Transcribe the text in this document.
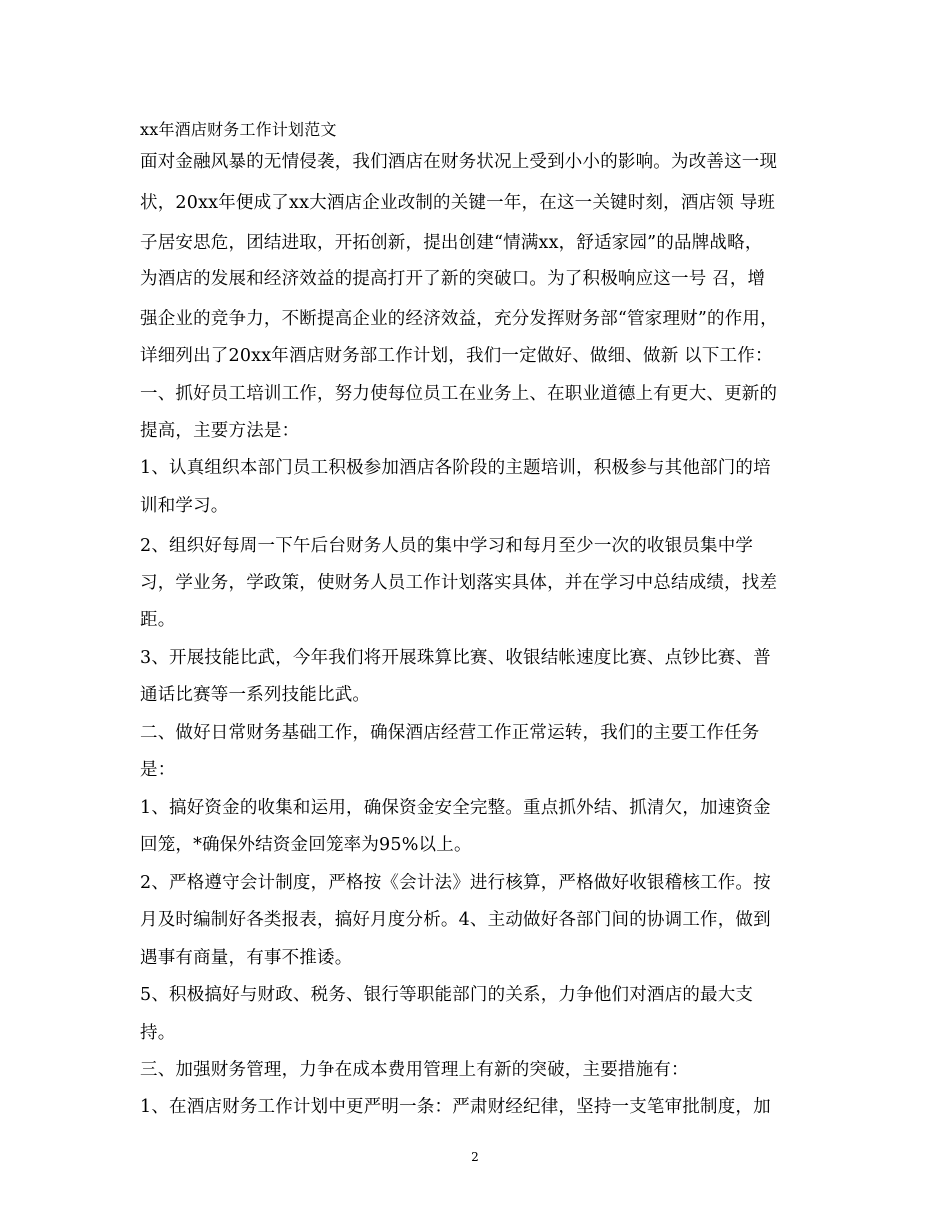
xx年酒店财务工作计划范文
面对金融风暴的无情侵袭，我们酒店在财务状况上受到小小的影响。为改善这一现
状，20xx年便成了xx大酒店企业改制的关键一年，在这一关键时刻，酒店领 导班
子居安思危，团结进取，开拓创新，提出创建“情满xx，舒适家园”的品牌战略，
为酒店的发展和经济效益的提高打开了新的突破口。为了积极响应这一号 召，增
强企业的竞争力，不断提高企业的经济效益，充分发挥财务部“管家理财”的作用，
详细列出了20xx年酒店财务部工作计划，我们一定做好、做细、做新 以下工作：
一、抓好员工培训工作，努力使每位员工在业务上、在职业道德上有更大、更新的
提高，主要方法是：
1、认真组织本部门员工积极参加酒店各阶段的主题培训，积极参与其他部门的培
训和学习。
2、组织好每周一下午后台财务人员的集中学习和每月至少一次的收银员集中学
习，学业务，学政策，使财务人员工作计划落实具体，并在学习中总结成绩，找差
距。
3、开展技能比武，今年我们将开展珠算比赛、收银结帐速度比赛、点钞比赛、普
通话比赛等一系列技能比武。
二、做好日常财务基础工作，确保酒店经营工作正常运转，我们的主要工作任务
是：
1、搞好资金的收集和运用，确保资金安全完整。重点抓外结、抓清欠，加速资金
回笼，*确保外结资金回笼率为95%以上。
2、严格遵守会计制度，严格按《会计法》进行核算，严格做好收银稽核工作。按
月及时编制好各类报表，搞好月度分析。4、主动做好各部门间的协调工作，做到
遇事有商量，有事不推诿。
5、积极搞好与财政、税务、银行等职能部门的关系，力争他们对酒店的最大支
持。
三、加强财务管理，力争在成本费用管理上有新的突破，主要措施有：
1、在酒店财务工作计划中更严明一条：严肃财经纪律，坚持一支笔审批制度，加
2
